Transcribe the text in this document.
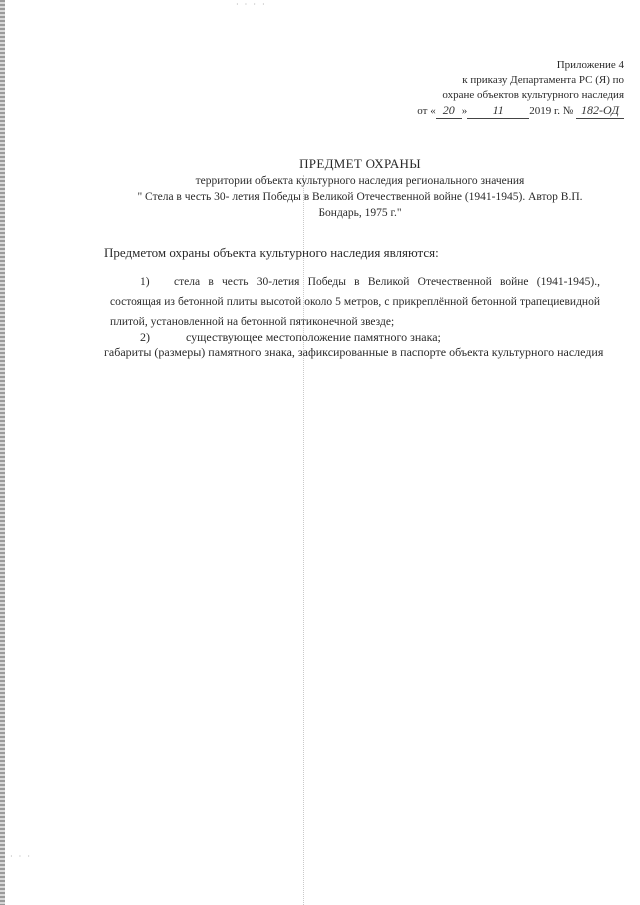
· · · ·
· · ·
Приложение 4
к приказу Департамента РС (Я) по
охране объектов культурного наследия
от « 20 » 11 2019 г. № 182-ОД
ПРЕДМЕТ ОХРАНЫ
территории объекта культурного наследия регионального значения
" Стела в честь 30- летия Победы в Великой Отечественной войне (1941-1945). Автор В.П.
Бондарь, 1975 г."
Предметом охраны объекта культурного наследия являются:
1) стела в честь 30-летия Победы в Великой Отечественной войне (1941-1945)., состоящая из бетонной плиты высотой около 5 метров, с прикреплённой бетонной трапециевидной плитой, установленной на бетонной пятиконечной звезде;
2)	существующее местоположение памятного знака;
габариты (размеры) памятного знака, зафиксированные в паспорте объекта культурного наследия
